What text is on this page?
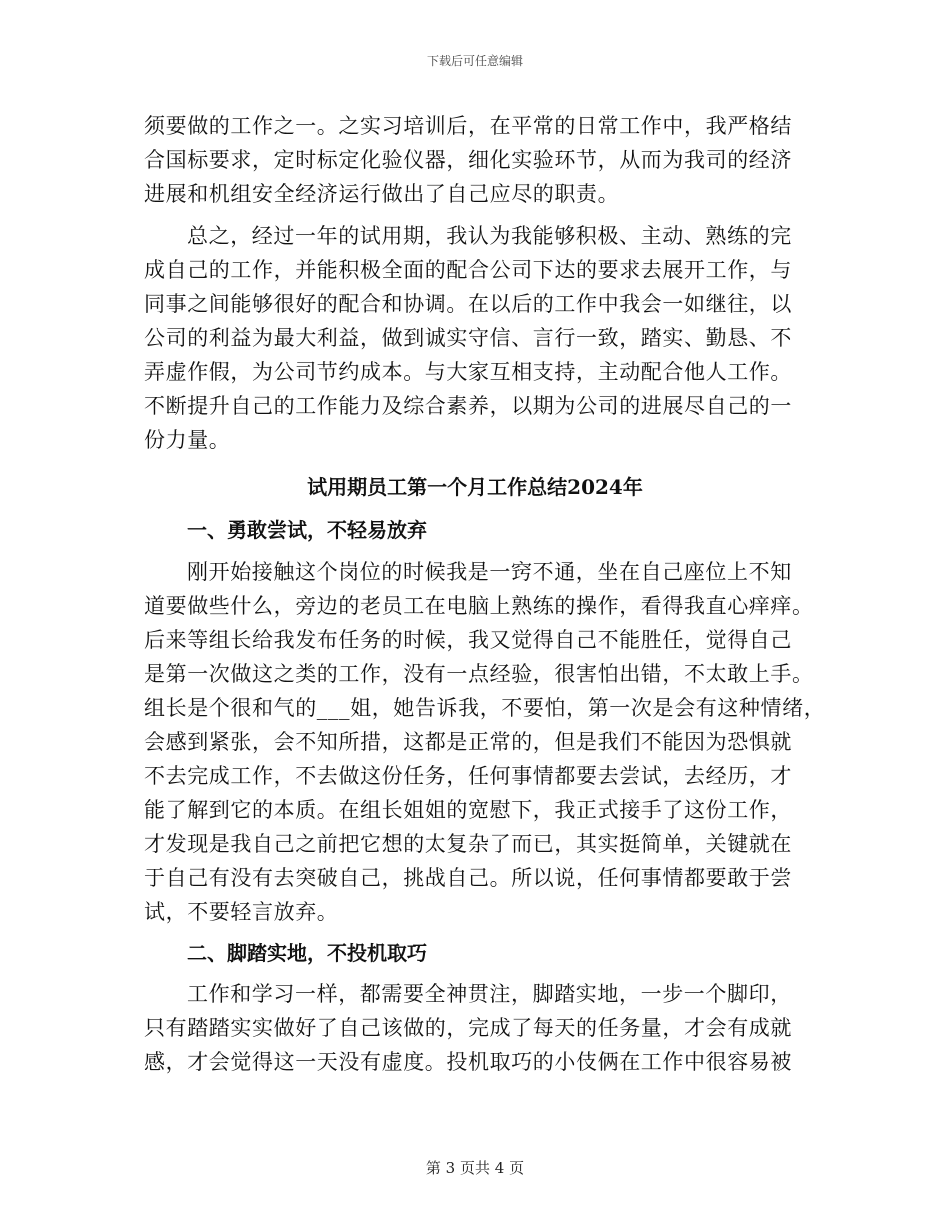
下载后可任意编辑
须要做的工作之一。之实习培训后，在平常的日常工作中，我严格结
合国标要求，定时标定化验仪器，细化实验环节，从而为我司的经济
进展和机组安全经济运行做出了自己应尽的职责。
总之，经过一年的试用期，我认为我能够积极、主动、熟练的完
成自己的工作，并能积极全面的配合公司下达的要求去展开工作，与
同事之间能够很好的配合和协调。在以后的工作中我会一如继往，以
公司的利益为最大利益，做到诚实守信、言行一致，踏实、勤恳、不
弄虚作假，为公司节约成本。与大家互相支持，主动配合他人工作。
不断提升自己的工作能力及综合素养，以期为公司的进展尽自己的一
份力量。
试用期员工第一个月工作总结2024年
一、勇敢尝试，不轻易放弃
刚开始接触这个岗位的时候我是一窍不通，坐在自己座位上不知
道要做些什么，旁边的老员工在电脑上熟练的操作，看得我直心痒痒。
后来等组长给我发布任务的时候，我又觉得自己不能胜任，觉得自己
是第一次做这之类的工作，没有一点经验，很害怕出错，不太敢上手。
组长是个很和气的___姐，她告诉我，不要怕，第一次是会有这种情绪，
会感到紧张，会不知所措，这都是正常的，但是我们不能因为恐惧就
不去完成工作，不去做这份任务，任何事情都要去尝试，去经历，才
能了解到它的本质。在组长姐姐的宽慰下，我正式接手了这份工作，
才发现是我自己之前把它想的太复杂了而已，其实挺简单，关键就在
于自己有没有去突破自己，挑战自己。所以说，任何事情都要敢于尝
试，不要轻言放弃。
二、脚踏实地，不投机取巧
工作和学习一样，都需要全神贯注，脚踏实地，一步一个脚印，
只有踏踏实实做好了自己该做的，完成了每天的任务量，才会有成就
感，才会觉得这一天没有虚度。投机取巧的小伎俩在工作中很容易被
第 3 页共 4 页
